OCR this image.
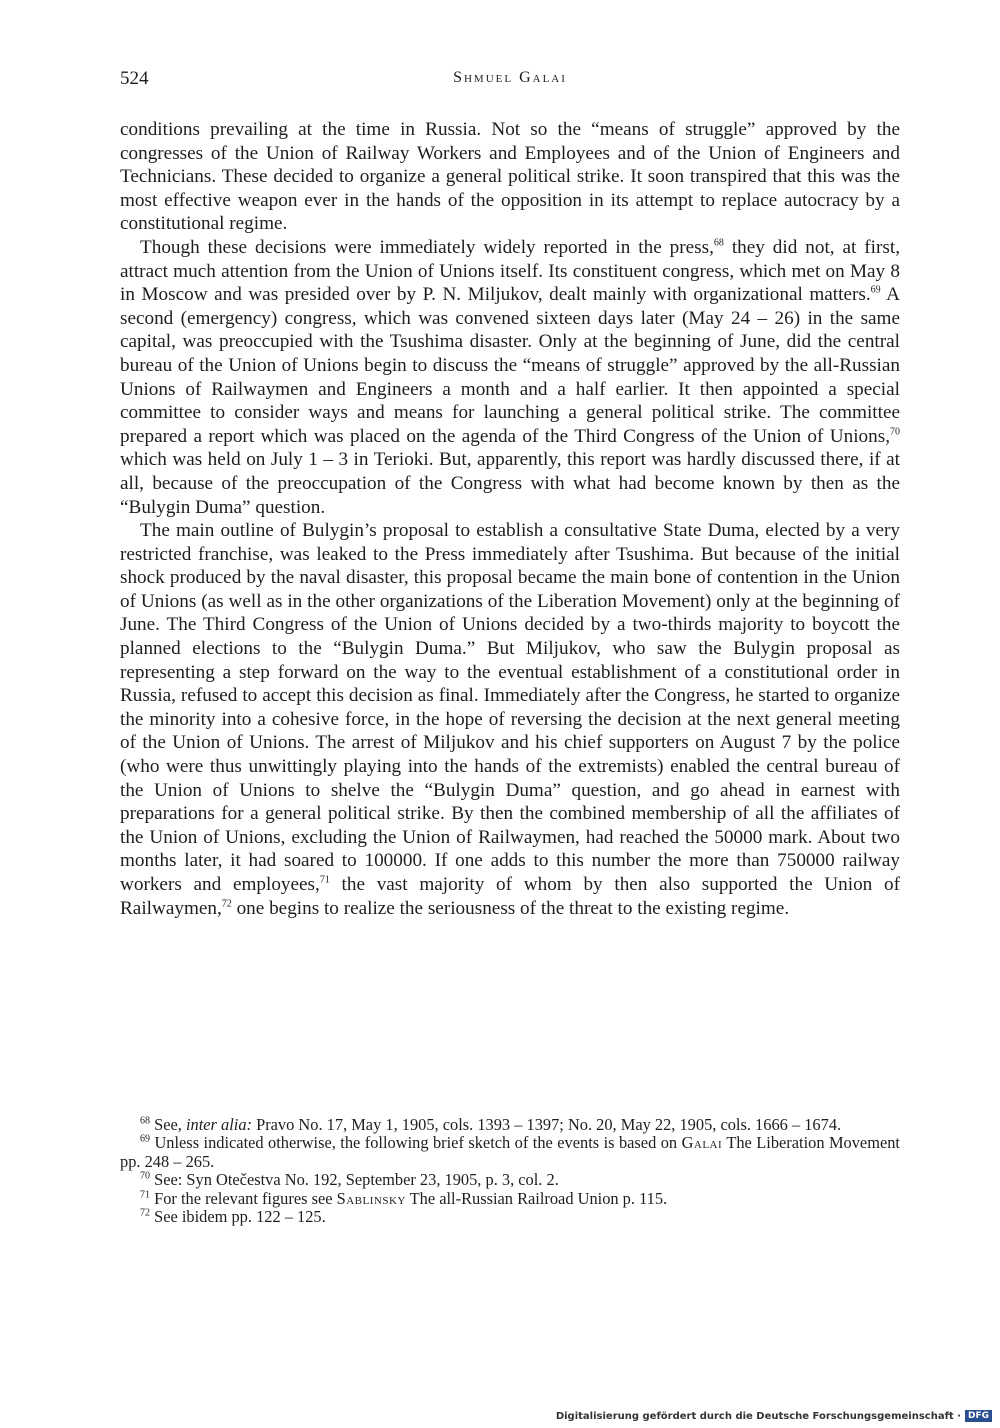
524	Shmuel Galai

conditions prevailing at the time in Russia. Not so the “means of struggle” approved by the congresses of the Union of Railway Workers and Employees and of the Union of Engineers and Technicians. These decided to organize a general political strike. It soon transpired that this was the most effective weapon ever in the hands of the opposition in its attempt to replace autocracy by a constitutional regime.

Though these decisions were immediately widely reported in the press,$^{68}$ they did not, at first, attract much attention from the Union of Unions itself. Its constituent congress, which met on May 8 in Moscow and was presided over by P. N. Miljukov, dealt mainly with organizational matters.$^{69}$ A second (emergency) congress, which was convened sixteen days later (May 24 – 26) in the same capital, was preoccupied with the Tsushima disaster. Only at the beginning of June, did the central bureau of the Union of Unions begin to discuss the “means of struggle” approved by the all-Russian Unions of Railwaymen and Engineers a month and a half earlier. It then appointed a special committee to consider ways and means for launching a general political strike. The committee prepared a report which was placed on the agenda of the Third Congress of the Union of Unions,$^{70}$ which was held on July 1 – 3 in Terioki. But, apparently, this report was hardly discussed there, if at all, because of the preoccupation of the Congress with what had become known by then as the “Bulygin Duma” question.

The main outline of Bulygin’s proposal to establish a consultative State Duma, elected by a very restricted franchise, was leaked to the Press immediately after Tsushima. But because of the initial shock produced by the naval disaster, this proposal became the main bone of contention in the Union of Unions (as well as in the other organizations of the Liberation Movement) only at the beginning of June. The Third Congress of the Union of Unions decided by a two-thirds majority to boycott the planned elections to the “Bulygin Duma.” But Miljukov, who saw the Bulygin proposal as representing a step forward on the way to the eventual establishment of a constitutional order in Russia, refused to accept this decision as final. Immediately after the Congress, he started to organize the minority into a cohesive force, in the hope of reversing the decision at the next general meeting of the Union of Unions. The arrest of Miljukov and his chief supporters on August 7 by the police (who were thus unwittingly playing into the hands of the extremists) enabled the central bureau of the Union of Unions to shelve the “Bulygin Duma” question, and go ahead in earnest with preparations for a general political strike. By then the combined membership of all the affiliates of the Union of Unions, excluding the Union of Railwaymen, had reached the 50000 mark. About two months later, it had soared to 100000. If one adds to this number the more than 750000 railway workers and employees,$^{71}$ the vast majority of whom by then also supported the Union of Railwaymen,$^{72}$ one begins to realize the seriousness of the threat to the existing regime.

$^{68}$ See, inter alia: Pravo No. 17, May 1, 1905, cols. 1393 – 1397; No. 20, May 22, 1905, cols. 1666 – 1674.

$^{69}$ Unless indicated otherwise, the following brief sketch of the events is based on Galai The Liberation Movement pp. 248 – 265.

$^{70}$ See: Syn Otečestva No. 192, September 23, 1905, p. 3, col. 2.

$^{71}$ For the relevant figures see Sablinsky The all-Russian Railroad Union p. 115.

$^{72}$ See ibidem pp. 122 – 125.

Digitalisierung gefördert durch die Deutsche Forschungsgemeinschaft · DFG
